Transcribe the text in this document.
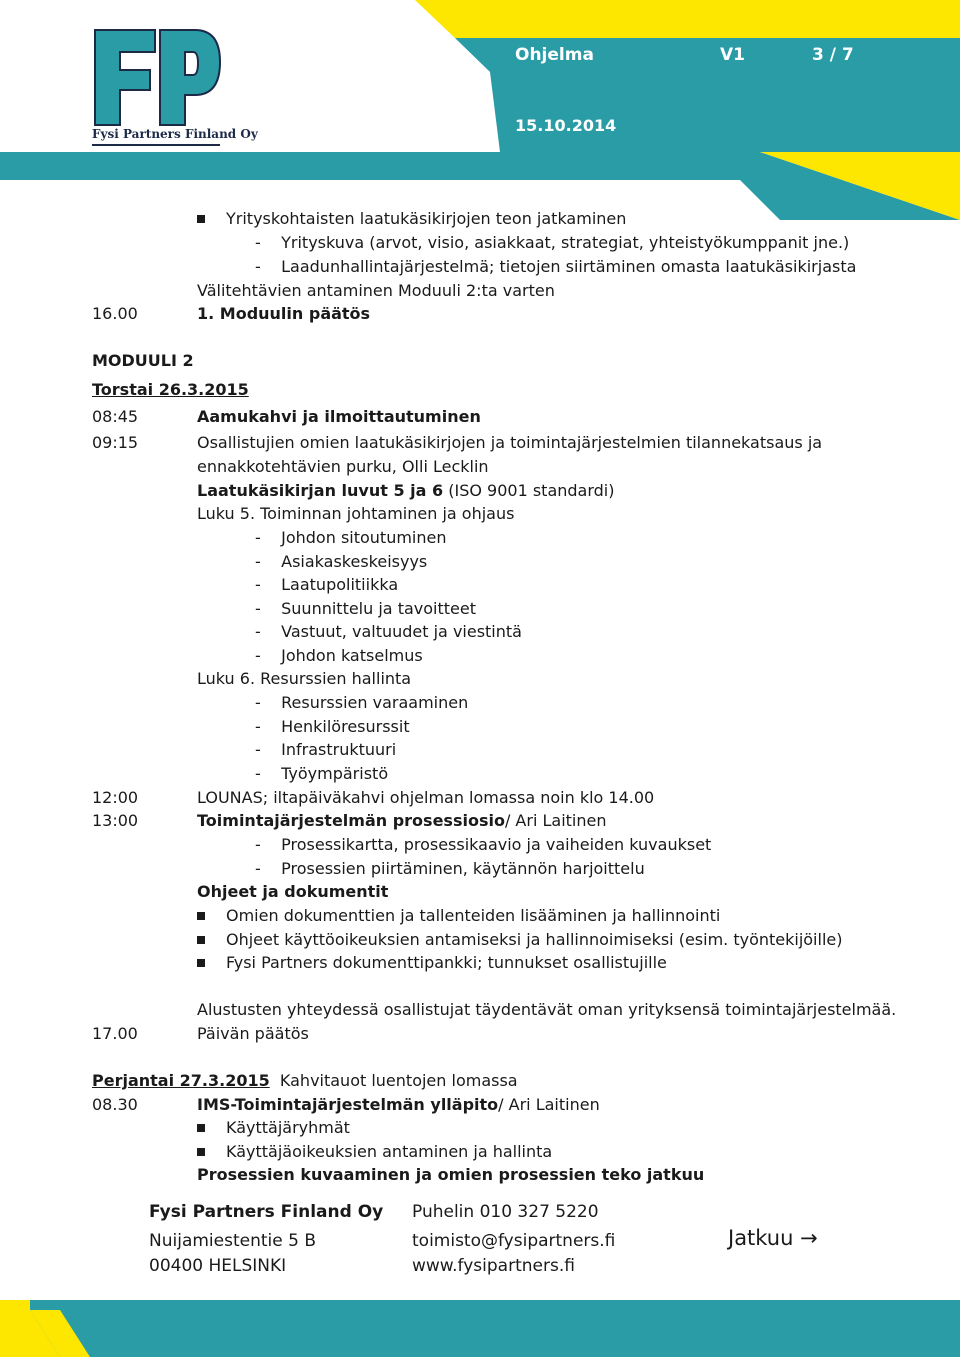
Fysi Partners Finland Oy
Ohjelma	V1	3 / 7
15.10.2014
Yrityskohtaisten laatukäsikirjojen teon jatkaminen
-    Yrityskuva (arvot, visio, asiakkaat, strategiat, yhteistyökumppanit jne.)
-    Laadunhallintajärjestelmä; tietojen siirtäminen omasta laatukäsikirjasta
Välitehtävien antaminen Moduuli 2:ta varten
16.00	1. Moduulin päätös
MODUULI 2
Torstai 26.3.2015
08:45	Aamukahvi ja ilmoittautuminen
09:15	Osallistujien omien laatukäsikirjojen ja toimintajärjestelmien tilannekatsaus ja
ennakkotehtävien purku, Olli Lecklin
Laatukäsikirjan luvut 5 ja 6 (ISO 9001 standardi)
Luku 5. Toiminnan johtaminen ja ohjaus
-    Johdon sitoutuminen
-    Asiakaskeskeisyys
-    Laatupolitiikka
-    Suunnittelu ja tavoitteet
-    Vastuut, valtuudet ja viestintä
-    Johdon katselmus
Luku 6. Resurssien hallinta
-    Resurssien varaaminen
-    Henkilöresurssit
-    Infrastruktuuri
-    Työympäristö
12:00	LOUNAS; iltapäiväkahvi ohjelman lomassa noin klo 14.00
13:00	Toimintajärjestelmän prosessiosio/ Ari Laitinen
-    Prosessikartta, prosessikaavio ja vaiheiden kuvaukset
-    Prosessien piirtäminen, käytännön harjoittelu
Ohjeet ja dokumentit
Omien dokumenttien ja tallenteiden lisääminen ja hallinnointi
Ohjeet käyttöoikeuksien antamiseksi ja hallinnoimiseksi (esim. työntekijöille)
Fysi Partners dokumenttipankki; tunnukset osallistujille
Alustusten yhteydessä osallistujat täydentävät oman yrityksensä toimintajärjestelmää.
17.00	Päivän päätös
Perjantai 27.3.2015 Kahvitauot luentojen lomassa
08.30	IMS-Toimintajärjestelmän ylläpito/ Ari Laitinen
Käyttäjäryhmät
Käyttäjäoikeuksien antaminen ja hallinta
Prosessien kuvaaminen ja omien prosessien teko jatkuu
Fysi Partners Finland Oy
Nuijamiestentie 5 B
00400 HELSINKI
Puhelin 010 327 5220
toimisto@fysipartners.fi
www.fysipartners.fi
Jatkuu →
